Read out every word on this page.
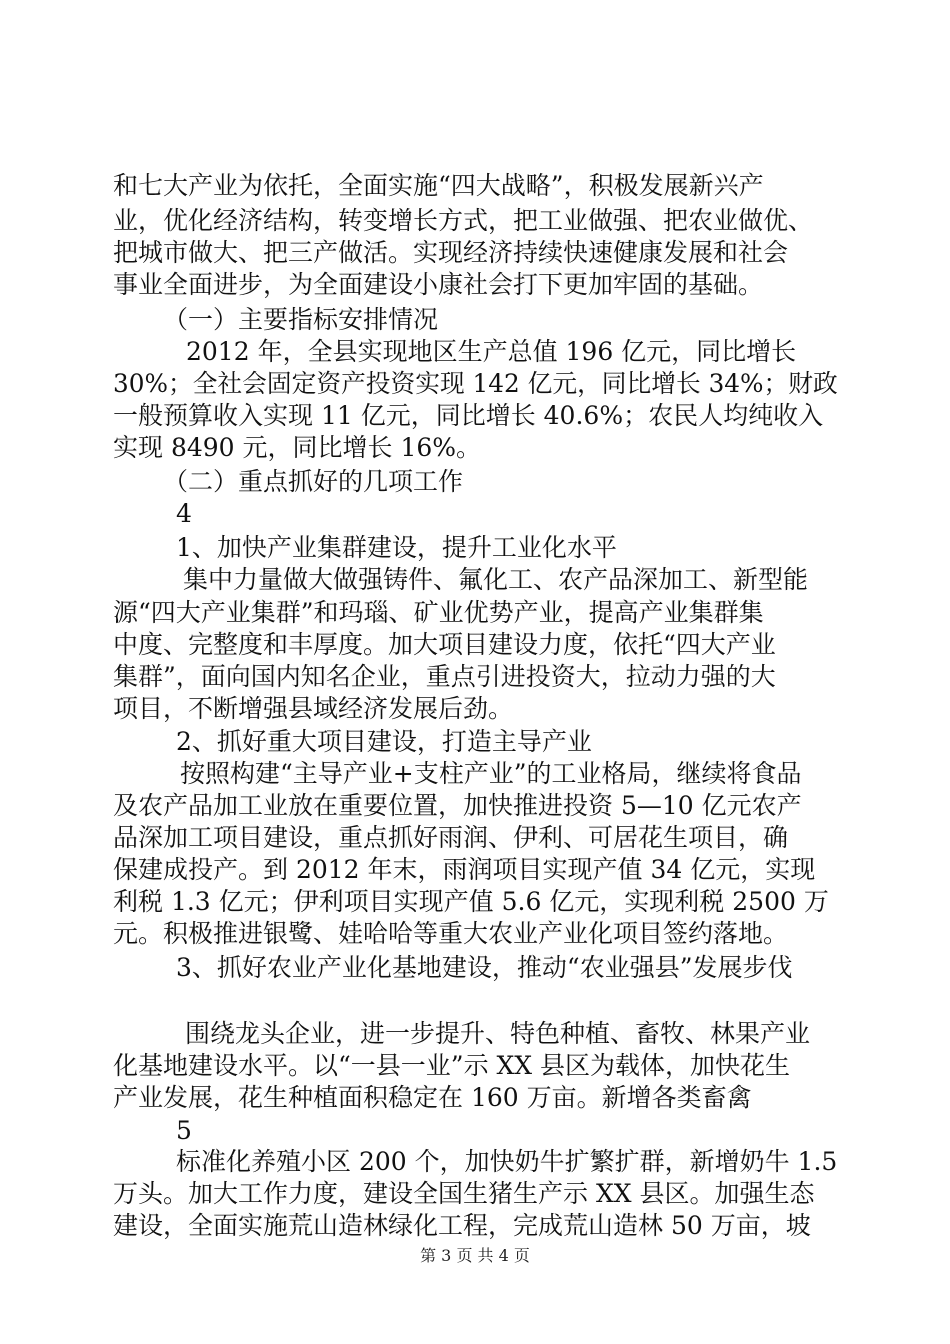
和七大产业为依托，全面实施“四大战略”，积极发展新兴产
业，优化经济结构，转变增长方式，把工业做强、把农业做优、
把城市做大、把三产做活。实现经济持续快速健康发展和社会
事业全面进步，为全面建设小康社会打下更加牢固的基础。
（一）主要指标安排情况
2012 年，全县实现地区生产总值 196 亿元，同比增长
30%；全社会固定资产投资实现 142 亿元，同比增长 34%；财政
一般预算收入实现 11 亿元，同比增长 40.6%；农民人均纯收入
实现 8490 元，同比增长 16%。
（二）重点抓好的几项工作
4
1、加快产业集群建设，提升工业化水平
集中力量做大做强铸件、氟化工、农产品深加工、新型能
源“四大产业集群”和玛瑙、矿业优势产业，提高产业集群集
中度、完整度和丰厚度。加大项目建设力度，依托“四大产业
集群”，面向国内知名企业，重点引进投资大，拉动力强的大
项目，不断增强县域经济发展后劲。
2、抓好重大项目建设，打造主导产业
按照构建“主导产业+支柱产业”的工业格局，继续将食品
及农产品加工业放在重要位置，加快推进投资 5—10 亿元农产
品深加工项目建设，重点抓好雨润、伊利、可居花生项目，确
保建成投产。到 2012 年末，雨润项目实现产值 34 亿元，实现
利税 1.3 亿元；伊利项目实现产值 5.6 亿元，实现利税 2500 万
元。积极推进银鹭、娃哈哈等重大农业产业化项目签约落地。
3、抓好农业产业化基地建设，推动“农业强县”发展步伐
围绕龙头企业，进一步提升、特色种植、畜牧、林果产业
化基地建设水平。以“一县一业”示 XX 县区为载体，加快花生
产业发展，花生种植面积稳定在 160 万亩。新增各类畜禽
5
标准化养殖小区 200 个，加快奶牛扩繁扩群，新增奶牛 1.5
万头。加大工作力度，建设全国生猪生产示 XX 县区。加强生态
建设，全面实施荒山造林绿化工程，完成荒山造林 50 万亩，坡
第 3 页 共 4 页
